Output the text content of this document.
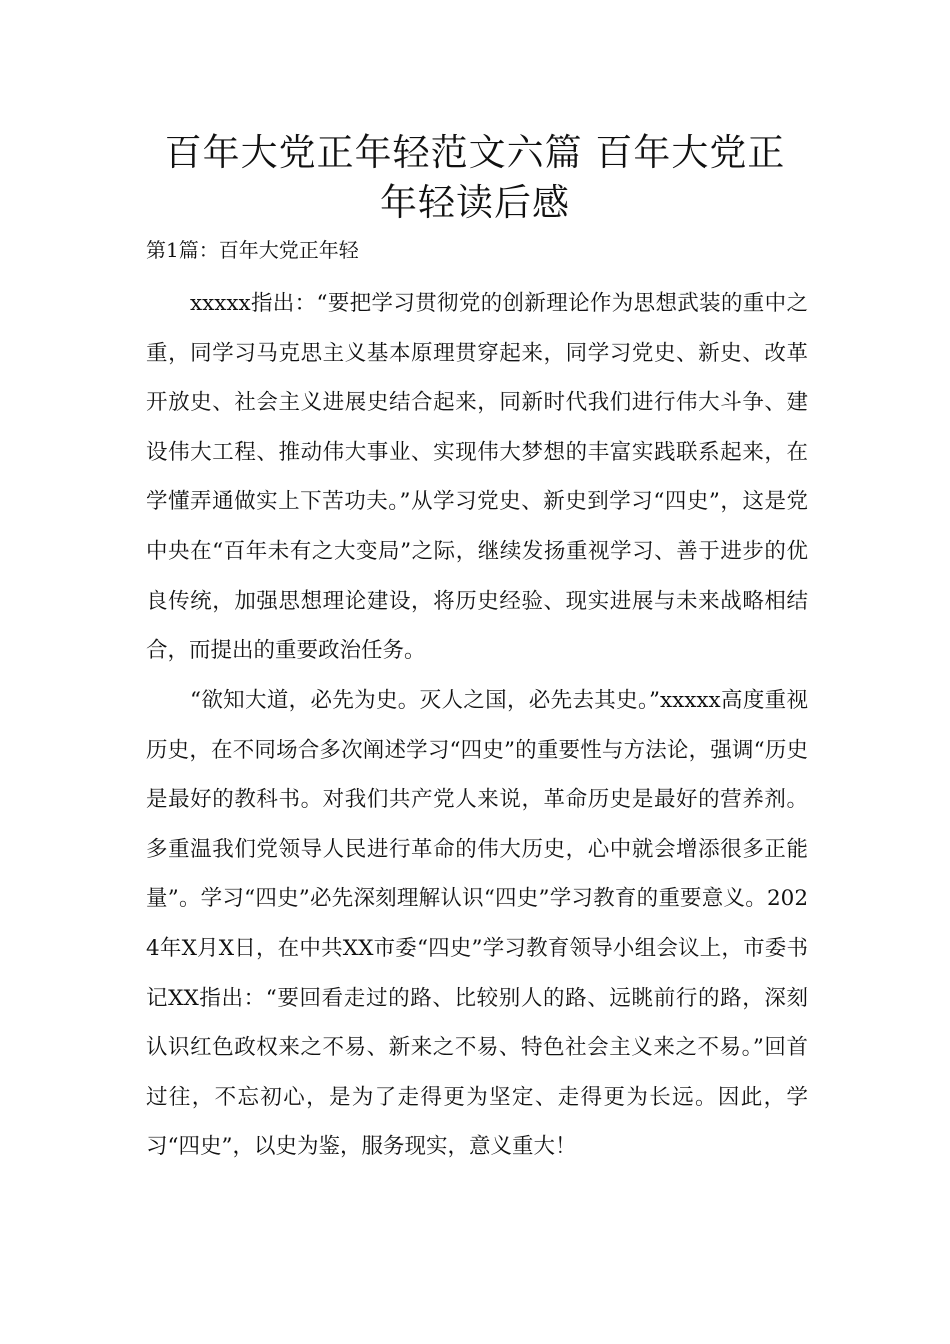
百年大党正年轻范文六篇 百年大党正
年轻读后感
第1篇：百年大党正年轻

xxxxx指出：“要把学习贯彻党的创新理论作为思想武装的重中之重，同学习马克思主义基本原理贯穿起来，同学习党史、新史、改革开放史、社会主义进展史结合起来，同新时代我们进行伟大斗争、建设伟大工程、推动伟大事业、实现伟大梦想的丰富实践联系起来，在学懂弄通做实上下苦功夫。”从学习党史、新史到学习“四史”，这是党中央在“百年未有之大变局”之际，继续发扬重视学习、善于进步的优良传统，加强思想理论建设，将历史经验、现实进展与未来战略相结合，而提出的重要政治任务。

“欲知大道，必先为史。灭人之国，必先去其史。”xxxxx高度重视历史，在不同场合多次阐述学习“四史”的重要性与方法论，强调“历史是最好的教科书。对我们共产党人来说，革命历史是最好的营养剂。多重温我们党领导人民进行革命的伟大历史，心中就会增添很多正能量”。学习“四史”必先深刻理解认识“四史”学习教育的重要意义。2024年X月X日，在中共XX市委“四史”学习教育领导小组会议上，市委书记XX指出：“要回看走过的路、比较别人的路、远眺前行的路，深刻认识红色政权来之不易、新来之不易、特色社会主义来之不易。”回首过往，不忘初心，是为了走得更为坚定、走得更为长远。因此，学习“四史”，以史为鉴，服务现实，意义重大！
